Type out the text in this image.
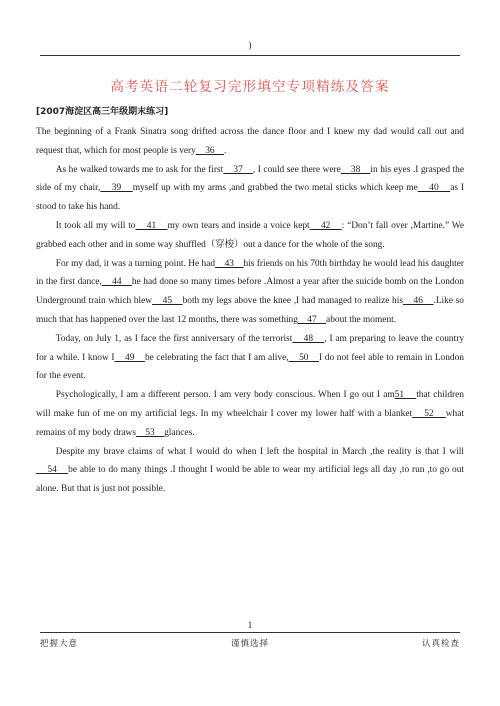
)
高考英语二轮复习完形填空专项精练及答案
[2007海淀区高三年级期末练习]

The beginning of a Frank Sinatra song drifted across the dance floor and I knew my dad would call out and request that, which for most people is very    36    .

As he walked towards me to ask for the first    37    , I could see there were    38    in his eyes .I grasped the side of my chair,    39    myself up with my arms ,and grabbed the two metal sticks which keep me    40    as I stood to take his hand.

It took all my will to    41    my own tears and inside a voice kept    42    : “Don’t fall over ,Martine.” We grabbed each other and in some way shuffled（穿梭）out a dance for the whole of the song.

For my dad, it was a turning point. He had    43    his friends on his 70th birthday he would lead his daughter in the first dance,    44    he had done so many times before .Almost a year after the suicide bomb on the London Underground train which blew    45    both my legs above the knee ,I had managed to realize his    46    .Like so much that has happened over the last 12 months, there was something    47    about the moment.

Today, on July 1, as I face the first anniversary of the terrorist    48    , I am preparing to leave the country for a while. I know I    49    be celebrating the fact that I am alive,    50    I do not feel able to remain in London for the event.

Psychologically, I am a different person. I am very body conscious. When I go out I am51    that children will make fun of me on my artificial legs. In my wheelchair I cover my lower half with a blanket    52    what remains of my body draws    53    glances.

Despite my brave claims of what I would do when I left the hospital in March ,the reality is that I will    54    be able to do many things .I thought I would be able to wear my artificial legs all day ,to run ,to go out alone. But that is just not possible.

1
把握大意	谨慎选择	认真检查
